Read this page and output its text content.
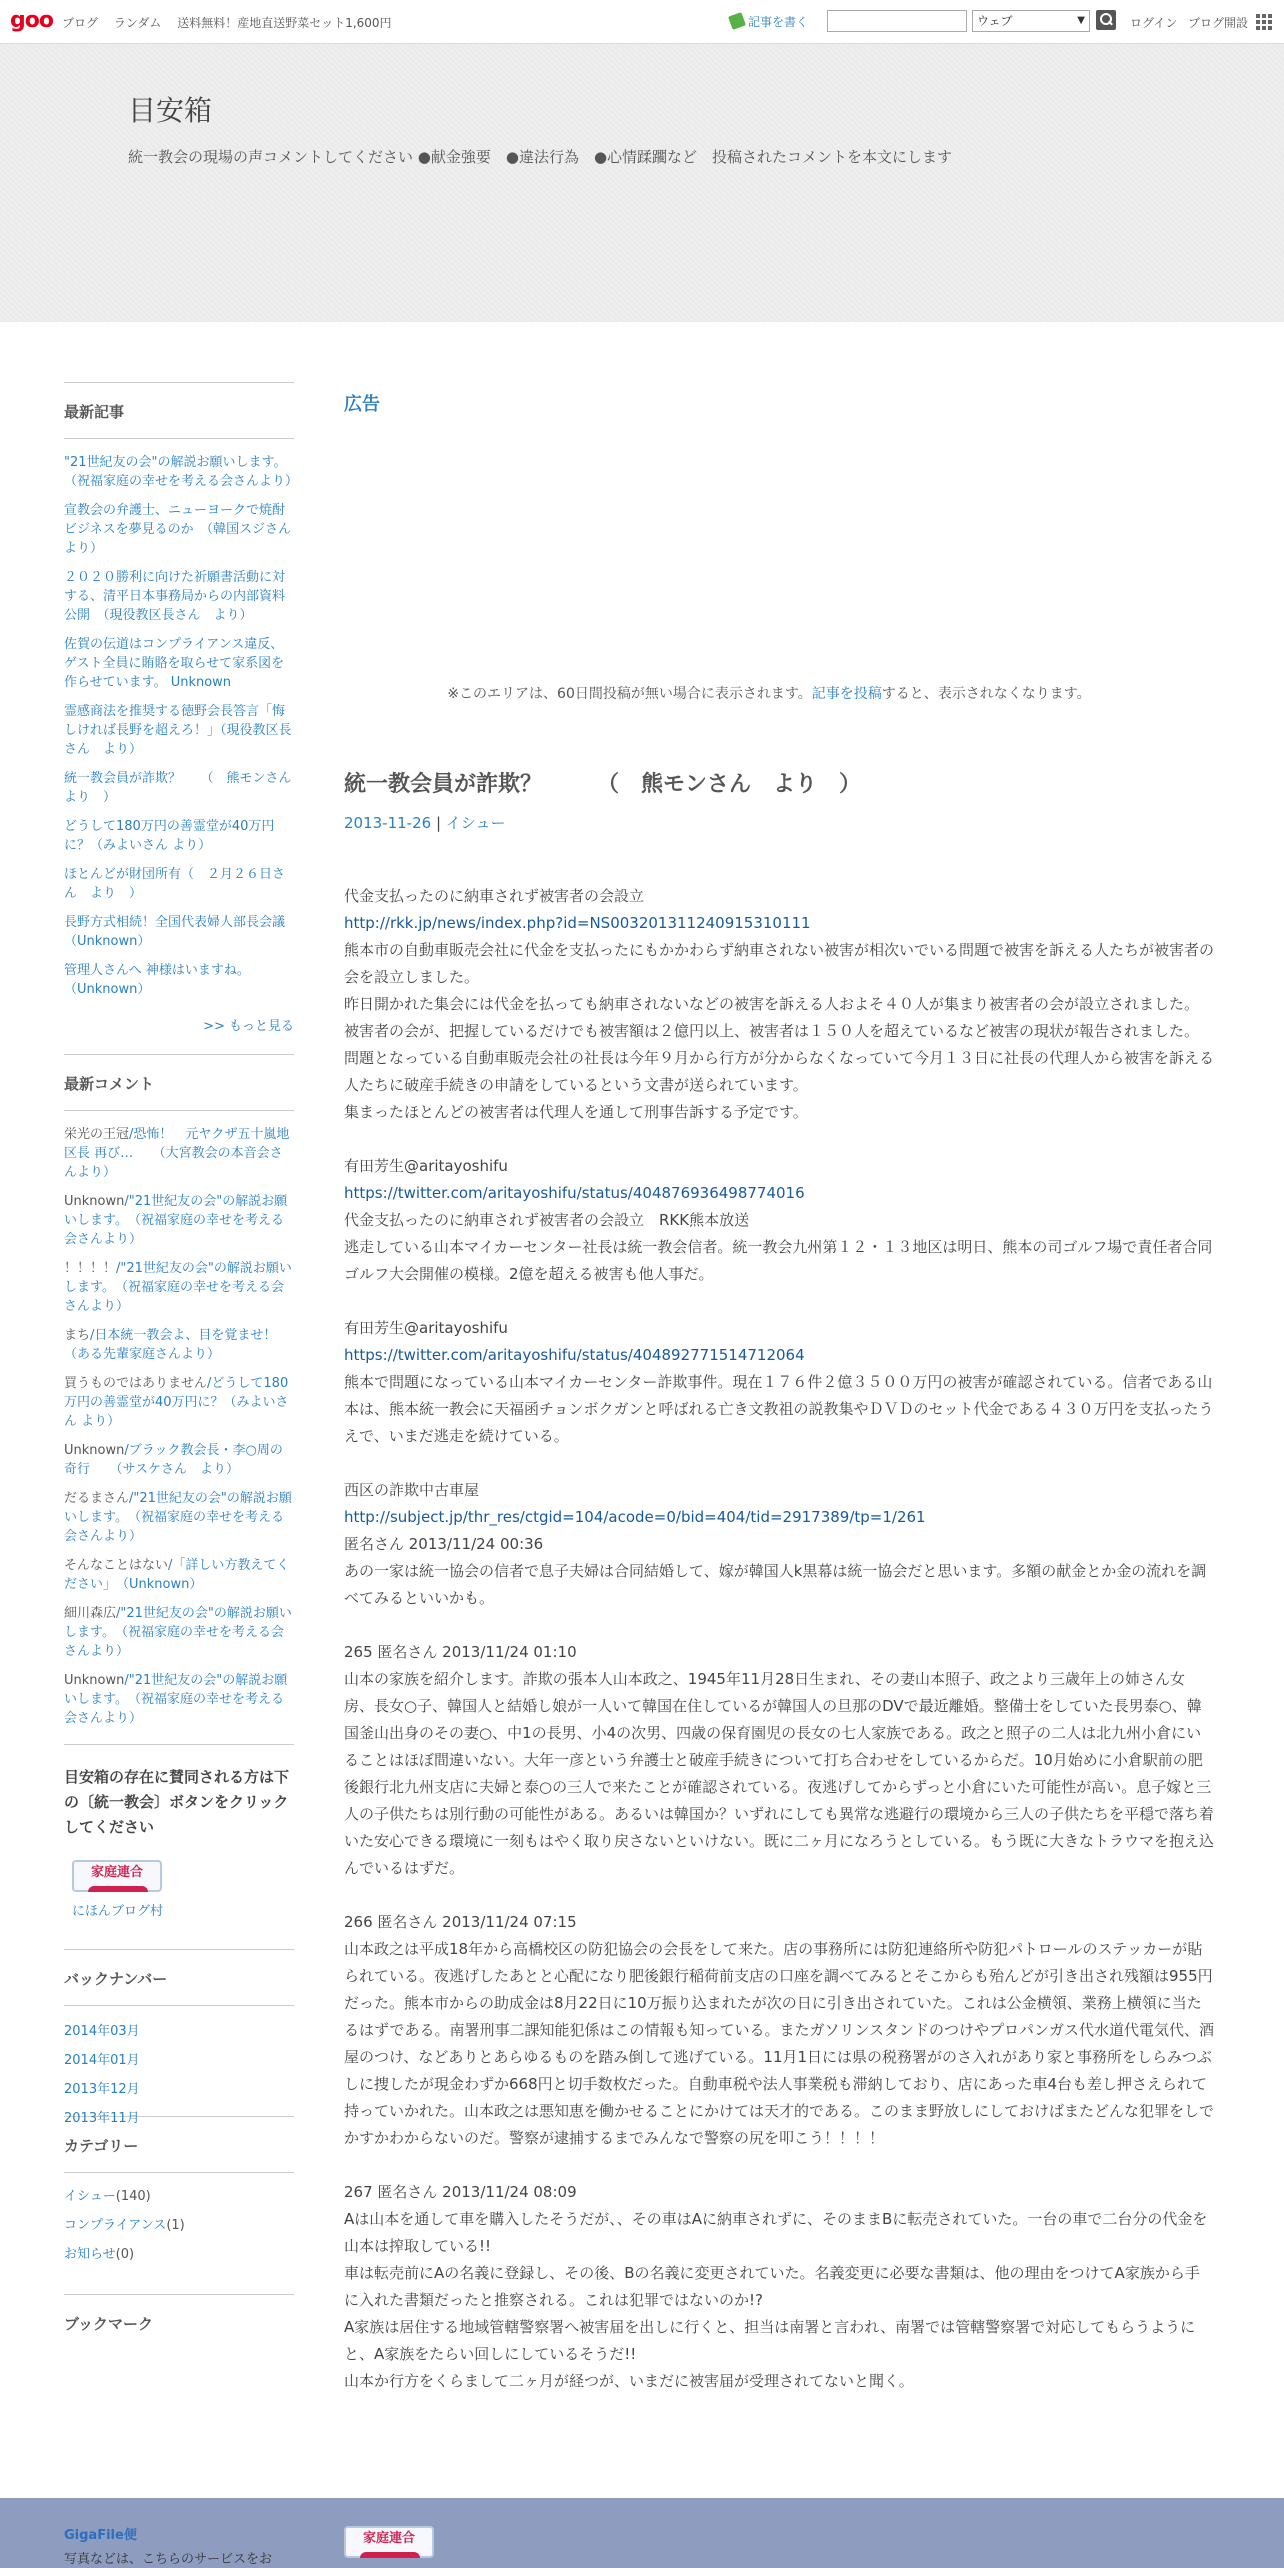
goo ブログ ランダム 送料無料！産地直送野菜セット1,600円	記事を書く	ウェブ	▼	ログイン ブログ開設
目安箱
統一教会の現場の声コメントしてください ●献金強要　●違法行為　●心情蹂躙など　投稿されたコメントを本文にします
最新記事
"21世紀友の会"の解説お願いします。　　（祝福家庭の幸せを考える会さんより）
宣教会の弁護士、ニューヨークで焼酎ビジネスを夢見るのか　（韓国スジさん　より）
２０２０勝利に向けた祈願書活動に対する、清平日本事務局からの内部資料公開　（現役教区長さん　より）
佐賀の伝道はコンプライアンス違反、ゲスト全員に賄賂を取らせて家系図を作らせています。 Unknown
霊感商法を推奨する徳野会長答言「悔しければ長野を超えろ！」（現役教区長さん　より）
統一教会員が詐欺？　　（　熊モンさん　より　）
どうして180万円の善霊堂が40万円に？（みよいさん より）
ほとんどが財団所有（　２月２６日さん　より　）
長野方式相続！全国代表婦人部長会議　　（Unknown）
管理人さんへ 神様はいますね。（Unknown）
>> もっと見る
最新コメント
栄光の王冠/恐怖！　元ヤクザ五十嵐地区長 再び…　　（大宮教会の本音会さんより）
Unknown/"21世紀友の会"の解説お願いします。　（祝福家庭の幸せを考える会さんより）
！！！！/"21世紀友の会"の解説お願いします。　（祝福家庭の幸せを考える会さんより）
まち/日本統一教会よ、目を覚ませ！（ある先輩家庭さんより）
買うものではありません/どうして180万円の善霊堂が40万円に？（みよいさん より）
Unknown/ブラック教会長・李○周の奇行　　（サスケさん　より）
だるまさん/"21世紀友の会"の解説お願いします。　（祝福家庭の幸せを考える会さんより）
そんなことはない/「詳しい方教えてください」　（Unknown）
細川森広/"21世紀友の会"の解説お願いします。　（祝福家庭の幸せを考える会さんより）
Unknown/"21世紀友の会"の解説お願いします。　（祝福家庭の幸せを考える会さんより）
目安箱の存在に賛同される方は下の〔統一教会〕ボタンをクリックしてください
家庭連合
にほんブログ村
バックナンバー
2014年03月
2014年01月
2013年12月
2013年11月
カテゴリー
イシュー(140)
コンプライアンス(1)
お知らせ(0)
ブックマーク
広告
※このエリアは、60日間投稿が無い場合に表示されます。記事を投稿すると、表示されなくなります。
統一教会員が詐欺？　　　（　熊モンさん　より　）
2013-11-26 | イシュー

代金支払ったのに納車されず被害者の会設立

http://rkk.jp/news/index.php?id=NS003201311240915310111

熊本市の自動車販売会社に代金を支払ったにもかかわらず納車されない被害が相次いでいる問題で被害を訴える人たちが被害者の会を設立しました。

昨日開かれた集会には代金を払っても納車されないなどの被害を訴える人およそ４０人が集まり被害者の会が設立されました。

被害者の会が、把握しているだけでも被害額は２億円以上、被害者は１５０人を超えているなど被害の現状が報告されました。

問題となっている自動車販売会社の社長は今年９月から行方が分からなくなっていて今月１３日に社長の代理人から被害を訴える人たちに破産手続きの申請をしているという文書が送られています。

集まったほとんどの被害者は代理人を通して刑事告訴する予定です。

有田芳生@aritayoshifu

https://twitter.com/aritayoshifu/status/404876936498774016

代金支払ったのに納車されず被害者の会設立　RKK熊本放送

逃走している山本マイカーセンター社長は統一教会信者。統一教会九州第１２・１３地区は明日、熊本の司ゴルフ場で責任者合同ゴルフ大会開催の模様。2億を超える被害も他人事だ。

有田芳生@aritayoshifu

https://twitter.com/aritayoshifu/status/404892771514712064

熊本で問題になっている山本マイカーセンター詐欺事件。現在１７６件２億３５００万円の被害が確認されている。信者である山本は、熊本統一教会に天福函チョンボクガンと呼ばれる亡き文教祖の説教集やＤＶＤのセット代金である４３０万円を支払ったうえで、いまだ逃走を続けている。

西区の詐欺中古車屋

http://subject.jp/thr_res/ctgid=104/acode=0/bid=404/tid=2917389/tp=1/261

匿名さん 2013/11/24 00:36

あの一家は統一協会の信者で息子夫婦は合同結婚して、嫁が韓国人k黒幕は統一協会だと思います。多額の献金とか金の流れを調べてみるといいかも。

265 匿名さん 2013/11/24 01:10

山本の家族を紹介します。詐欺の張本人山本政之、1945年11月28日生まれ、その妻山本照子、政之より三歳年上の姉さん女房、長女○子、韓国人と結婚し娘が一人いて韓国在住しているが韓国人の旦那のDVで最近離婚。整備士をしていた長男泰○、韓国釜山出身のその妻○、中1の長男、小4の次男、四歳の保育園児の長女の七人家族である。政之と照子の二人は北九州小倉にいることはほぼ間違いない。大年一彦という弁護士と破産手続きについて打ち合わせをしているからだ。10月始めに小倉駅前の肥後銀行北九州支店に夫婦と泰○の三人で来たことが確認されている。夜逃げしてからずっと小倉にいた可能性が高い。息子嫁と三人の子供たちは別行動の可能性がある。あるいは韓国か？いずれにしても異常な逃避行の環境から三人の子供たちを平穏で落ち着いた安心できる環境に一刻もはやく取り戻さないといけない。既に二ヶ月になろうとしている。もう既に大きなトラウマを抱え込んでいるはずだ。

266 匿名さん 2013/11/24 07:15

山本政之は平成18年から高橋校区の防犯協会の会長をして来た。店の事務所には防犯連絡所や防犯パトロールのステッカーが貼られている。夜逃げしたあとと心配になり肥後銀行稲荷前支店の口座を調べてみるとそこからも殆んどが引き出され残額は955円だった。熊本市からの助成金は8月22日に10万振り込まれたが次の日に引き出されていた。これは公金横領、業務上横領に当たるはずである。南署刑事二課知能犯係はこの情報も知っている。またガソリンスタンドのつけやプロパンガス代水道代電気代、酒屋のつけ、などありとあらゆるものを踏み倒して逃げている。11月1日には県の税務署がのさ入れがあり家と事務所をしらみつぶしに捜したが現金わずか668円と切手数枚だった。自動車税や法人事業税も滞納しており、店にあった車4台も差し押さえられて持っていかれた。山本政之は悪知恵を働かせることにかけては天才的である。このまま野放しにしておけばまたどんな犯罪をしでかすかわからないのだ。警察が逮捕するまでみんなで警察の尻を叩こう！！！！

267 匿名さん 2013/11/24 08:09

Aは山本を通して車を購入したそうだが、、その車はAに納車されずに、そのままBに転売されていた。一台の車で二台分の代金を山本は搾取している!!

車は転売前にAの名義に登録し、その後、Bの名義に変更されていた。名義変更に必要な書類は、他の理由をつけてA家族から手に入れた書類だったと推察される。これは犯罪ではないのか!?

A家族は居住する地域管轄警察署へ被害届を出しに行くと、担当は南署と言われ、南署では管轄警察署で対応してもらうようにと、A家族をたらい回しにしているそうだ!!

山本か行方をくらまして二ヶ月が経つが、いまだに被害届が受理されてないと聞く。

GigaFile便
写真などは、こちらのサービスをお
家庭連合
